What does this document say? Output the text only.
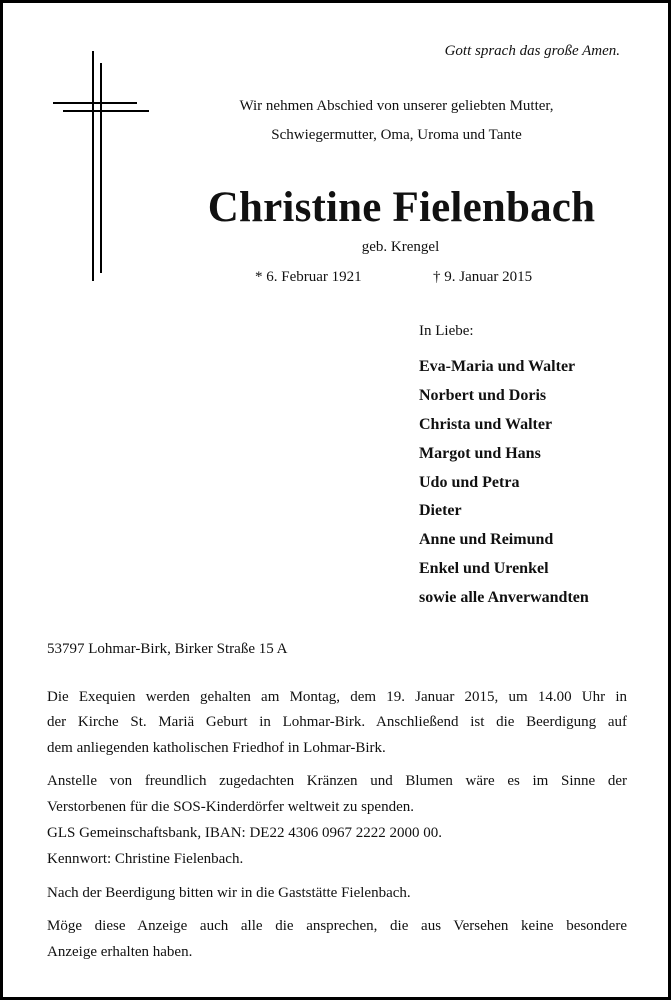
Gott sprach das große Amen.
Wir nehmen Abschied von unserer geliebten Mutter,
Schwiegermutter, Oma, Uroma und Tante
Christine Fielenbach
geb. Krengel
* 6. Februar 1921	† 9. Januar 2015
In Liebe:
Eva-Maria und Walter
Norbert und Doris
Christa und Walter
Margot und Hans
Udo und Petra
Dieter
Anne und Reimund
Enkel und Urenkel
sowie alle Anverwandten
53797 Lohmar-Birk, Birker Straße 15 A
Die Exequien werden gehalten am Montag, dem 19. Januar 2015, um 14.00 Uhr in
der Kirche St. Mariä Geburt in Lohmar-Birk. Anschließend ist die Beerdigung auf
dem anliegenden katholischen Friedhof in Lohmar-Birk.
Anstelle von freundlich zugedachten Kränzen und Blumen wäre es im Sinne der
Verstorbenen für die SOS-Kinderdörfer weltweit zu spenden.
GLS Gemeinschaftsbank, IBAN: DE22 4306 0967 2222 2000 00.
Kennwort: Christine Fielenbach.
Nach der Beerdigung bitten wir in die Gaststätte Fielenbach.
Möge diese Anzeige auch alle die ansprechen, die aus Versehen keine besondere
Anzeige erhalten haben.
